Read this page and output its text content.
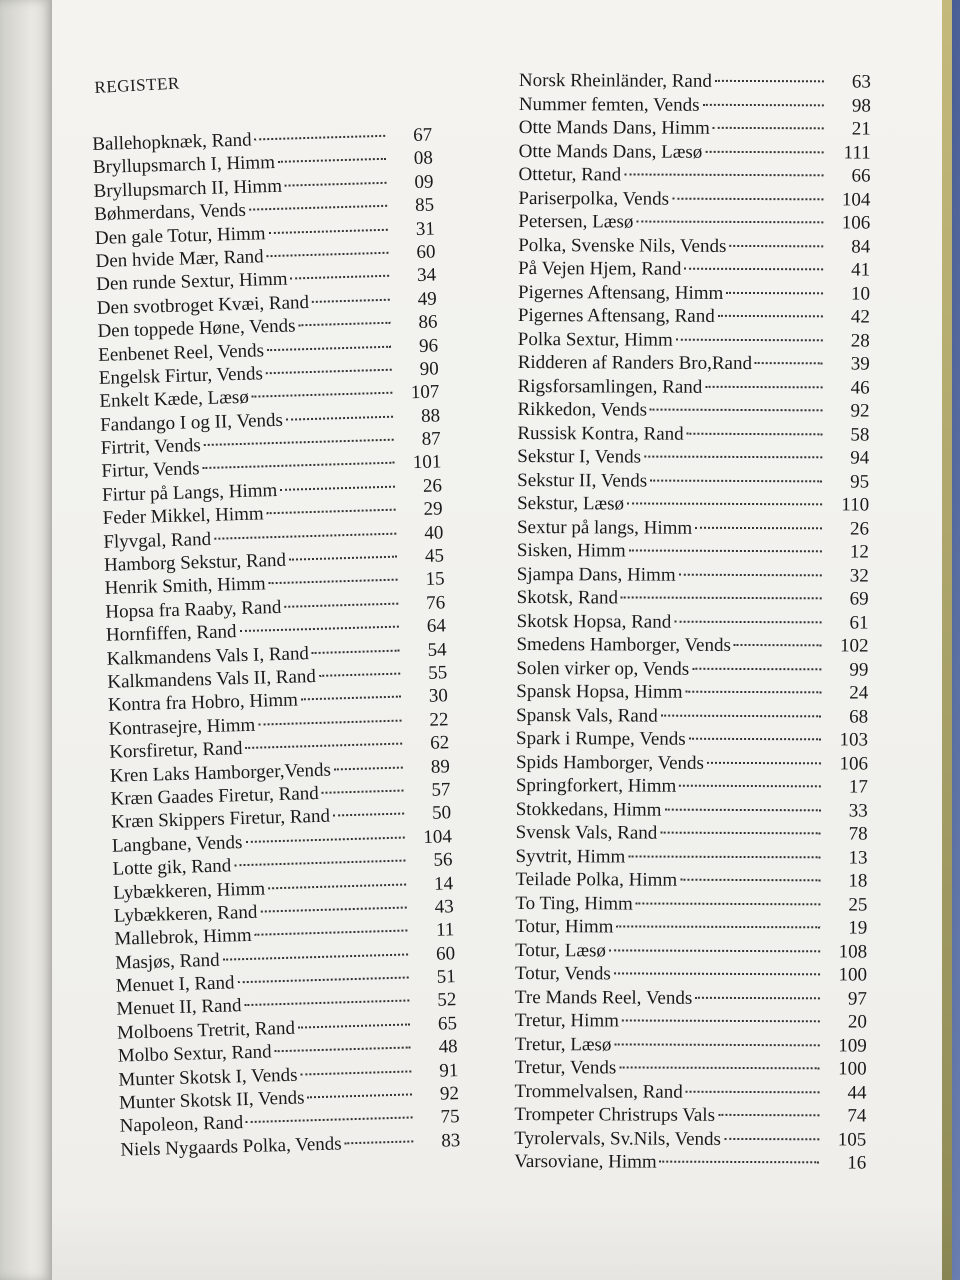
REGISTER
Ballehopknæk, Rand	67
Bryllupsmarch I, Himm	08
Bryllupsmarch II, Himm	09
Bøhmerdans, Vends	85
Den gale Totur, Himm	31
Den hvide Mær, Rand	60
Den runde Sextur, Himm	34
Den svotbroget Kvæi, Rand	49
Den toppede Høne, Vends	86
Eenbenet Reel, Vends	96
Engelsk Firtur, Vends	90
Enkelt Kæde, Læsø	107
Fandango I og II, Vends	88
Firtrit, Vends	87
Firtur, Vends	101
Firtur på Langs, Himm	26
Feder Mikkel, Himm	29
Flyvgal, Rand	40
Hamborg Sekstur, Rand	45
Henrik Smith, Himm	15
Hopsa fra Raaby, Rand	76
Hornfiffen, Rand	64
Kalkmandens Vals I, Rand	54
Kalkmandens Vals II, Rand	55
Kontra fra Hobro, Himm	30
Kontrasejre, Himm	22
Korsfiretur, Rand	62
Kren Laks Hamborger,Vends	89
Kræn Gaades Firetur, Rand	57
Kræn Skippers Firetur, Rand	50
Langbane, Vends	104
Lotte gik, Rand	56
Lybækkeren, Himm	14
Lybækkeren, Rand	43
Mallebrok, Himm	11
Masjøs, Rand	60
Menuet I, Rand	51
Menuet II, Rand	52
Molboens Tretrit, Rand	65
Molbo Sextur, Rand	48
Munter Skotsk I, Vends	91
Munter Skotsk II, Vends	92
Napoleon, Rand	75
Niels Nygaards Polka, Vends	83
Norsk Rheinländer, Rand	63
Nummer femten, Vends	98
Otte Mands Dans, Himm	21
Otte Mands Dans, Læsø	111
Ottetur, Rand	66
Pariserpolka, Vends	104
Petersen, Læsø	106
Polka, Svenske Nils, Vends	84
På Vejen Hjem, Rand	41
Pigernes Aftensang, Himm	10
Pigernes Aftensang, Rand	42
Polka Sextur, Himm	28
Ridderen af Randers Bro,Rand	39
Rigsforsamlingen, Rand	46
Rikkedon, Vends	92
Russisk Kontra, Rand	58
Sekstur I, Vends	94
Sekstur II, Vends	95
Sekstur, Læsø	110
Sextur på langs, Himm	26
Sisken, Himm	12
Sjampa Dans, Himm	32
Skotsk, Rand	69
Skotsk Hopsa, Rand	61
Smedens Hamborger, Vends	102
Solen virker op, Vends	99
Spansk Hopsa, Himm	24
Spansk Vals, Rand	68
Spark i Rumpe, Vends	103
Spids Hamborger, Vends	106
Springforkert, Himm	17
Stokkedans, Himm	33
Svensk Vals, Rand	78
Syvtrit, Himm	13
Teilade Polka, Himm	18
To Ting, Himm	25
Totur, Himm	19
Totur, Læsø	108
Totur, Vends	100
Tre Mands Reel, Vends	97
Tretur, Himm	20
Tretur, Læsø	109
Tretur, Vends	100
Trommelvalsen, Rand	44
Trompeter Christrups Vals	74
Tyrolervals, Sv.Nils, Vends	105
Varsoviane, Himm	16
